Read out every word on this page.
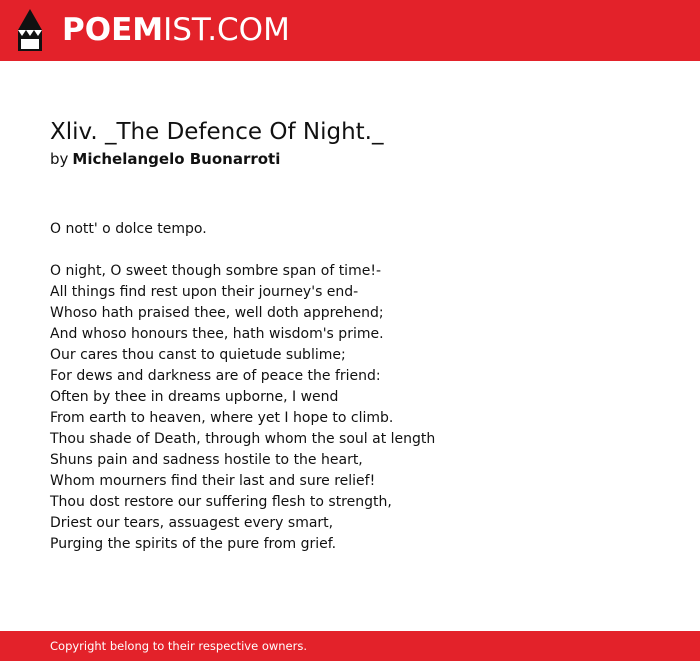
POEMIST.COM
Xliv. _The Defence Of Night._
by Michelangelo Buonarroti
O nott' o dolce tempo.
O night, O sweet though sombre span of time!-
All things find rest upon their journey's end-
Whoso hath praised thee, well doth apprehend;
And whoso honours thee, hath wisdom's prime.
Our cares thou canst to quietude sublime;
For dews and darkness are of peace the friend:
Often by thee in dreams upborne, I wend
From earth to heaven, where yet I hope to climb.
Thou shade of Death, through whom the soul at length
Shuns pain and sadness hostile to the heart,
Whom mourners find their last and sure relief!
Thou dost restore our suffering flesh to strength,
Driest our tears, assuagest every smart,
Purging the spirits of the pure from grief.
Copyright belong to their respective owners.
